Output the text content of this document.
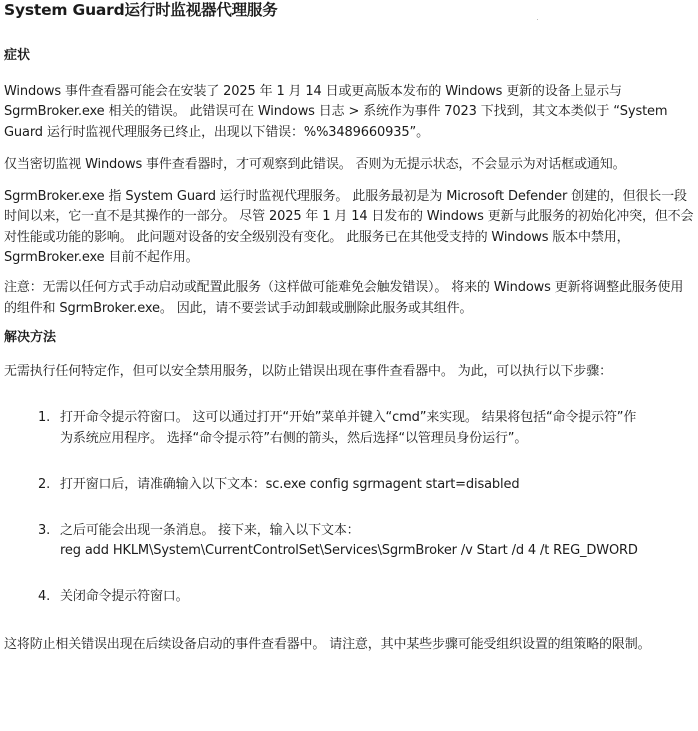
System Guard运行时监视器代理服务
症状

Windows 事件查看器可能会在安装了 2025 年 1 月 14 日或更高版本发布的 Windows 更新的设备上显示与 SgrmBroker.exe 相关的错误。 此错误可在 Windows 日志 > 系统作为事件 7023 下找到，其文本类似于 “System Guard 运行时监视代理服务已终止，出现以下错误：%%3489660935”。

仅当密切监视 Windows 事件查看器时，才可观察到此错误。 否则为无提示状态，不会显示为对话框或通知。

SgrmBroker.exe 指 System Guard 运行时监视代理服务。 此服务最初是为 Microsoft Defender 创建的，但很长一段时间以来，它一直不是其操作的一部分。 尽管 2025 年 1 月 14 日发布的 Windows 更新与此服务的初始化冲突，但不会对性能或功能的影响。 此问题对设备的安全级别没有变化。 此服务已在其他受支持的 Windows 版本中禁用，SgrmBroker.exe 目前不起作用。

注意：无需以任何方式手动启动或配置此服务（这样做可能难免会触发错误）。 将来的 Windows 更新将调整此服务使用的组件和 SgrmBroker.exe。 因此，请不要尝试手动卸载或删除此服务或其组件。

解决方法

无需执行任何特定作，但可以安全禁用服务，以防止错误出现在事件查看器中。 为此，可以执行以下步骤：

1. 打开命令提示符窗口。 这可以通过打开“开始”菜单并键入“cmd”来实现。 结果将包括“命令提示符”作
为系统应用程序。 选择“命令提示符”右侧的箭头，然后选择“以管理员身份运行”。
2. 打开窗口后，请准确输入以下文本：sc.exe config sgrmagent start=disabled
3. 之后可能会出现一条消息。 接下来，输入以下文本：
reg add HKLM\System\CurrentControlSet\Services\SgrmBroker /v Start /d 4 /t REG_DWORD
4. 关闭命令提示符窗口。

这将防止相关错误出现在后续设备启动的事件查看器中。 请注意，其中某些步骤可能受组织设置的组策略的限制。
